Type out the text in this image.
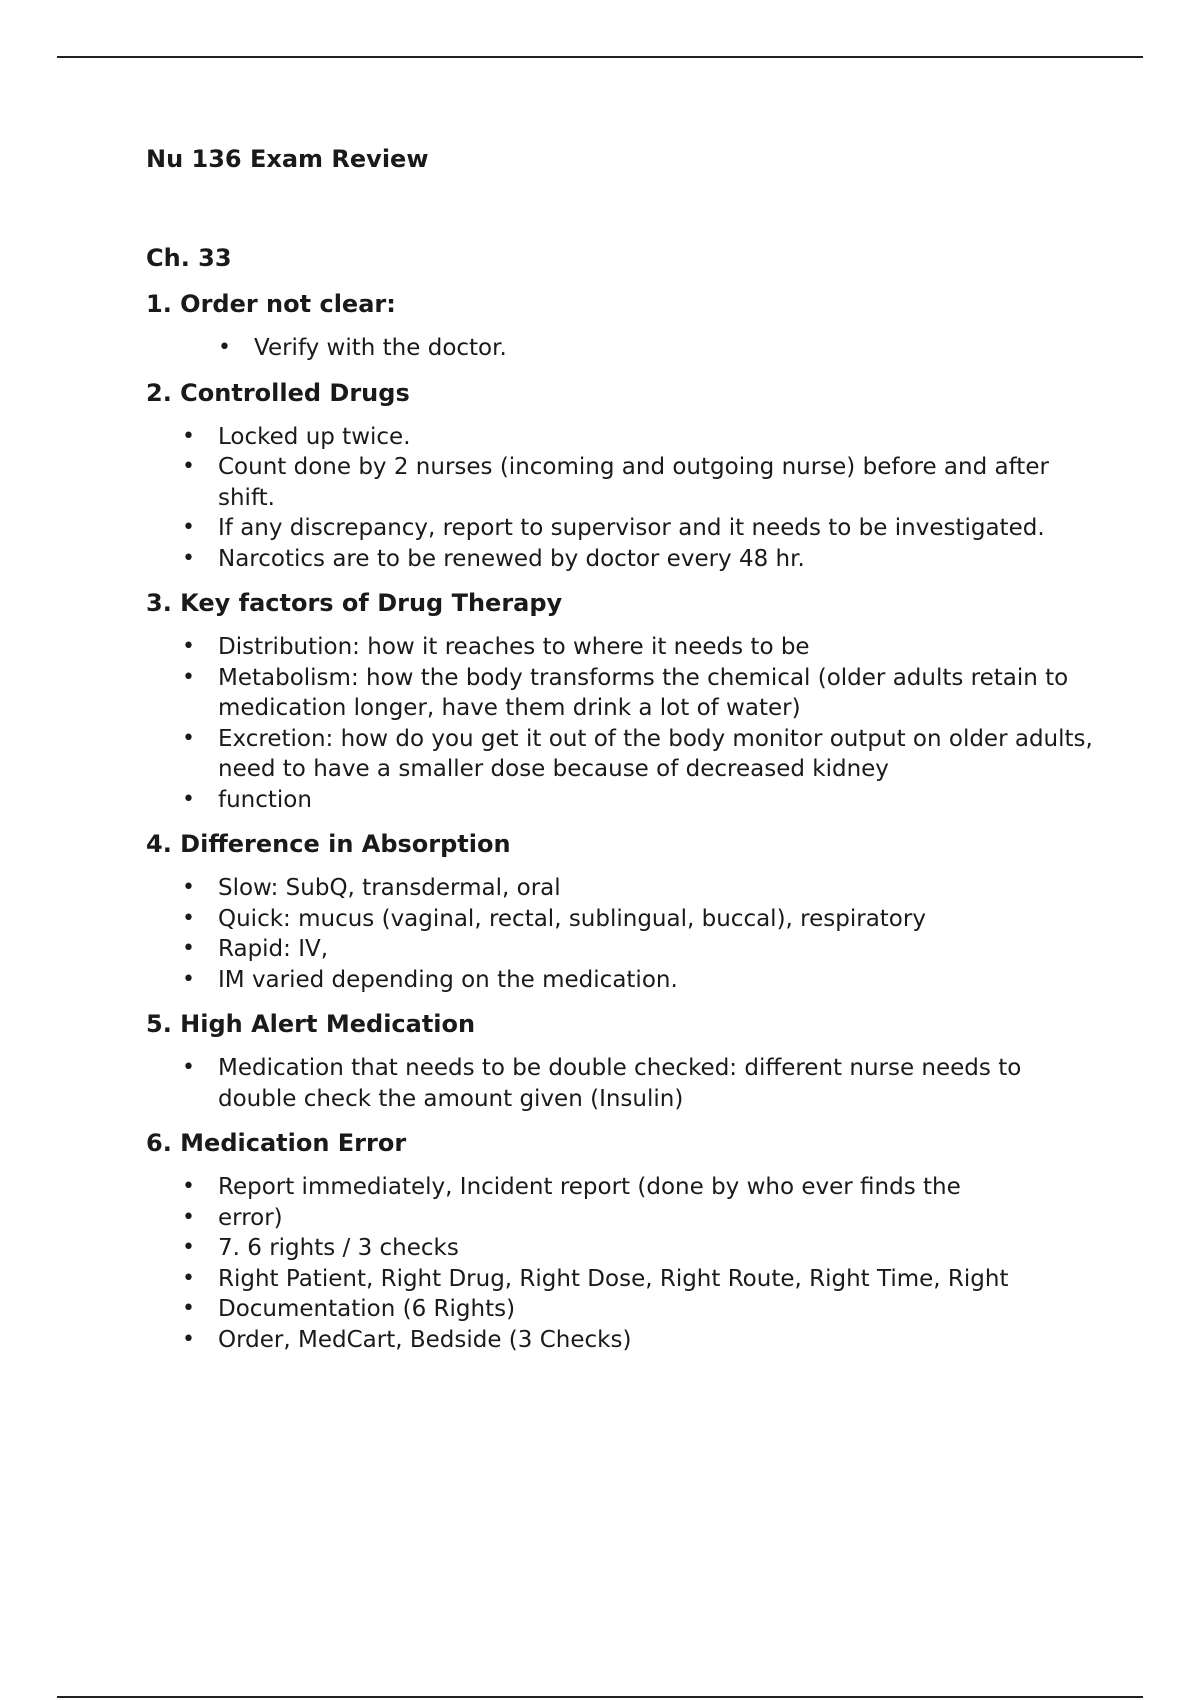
Nu 136 Exam Review
Ch. 33
1. Order not clear:
• Verify with the doctor.
2. Controlled Drugs
• Locked up twice.
• Count done by 2 nurses (incoming and outgoing nurse) before and after shift.
• If any discrepancy, report to supervisor and it needs to be investigated.
• Narcotics are to be renewed by doctor every 48 hr.
3. Key factors of Drug Therapy
• Distribution: how it reaches to where it needs to be
• Metabolism: how the body transforms the chemical (older adults retain to medication longer, have them drink a lot of water)
• Excretion: how do you get it out of the body monitor output on older adults, need to have a smaller dose because of decreased kidney
• function
4. Difference in Absorption
• Slow: SubQ, transdermal, oral
• Quick: mucus (vaginal, rectal, sublingual, buccal), respiratory
• Rapid: IV,
• IM varied depending on the medication.
5. High Alert Medication
• Medication that needs to be double checked: different nurse needs to double check the amount given (Insulin)
6. Medication Error
• Report immediately, Incident report (done by who ever finds the
• error)
• 7. 6 rights / 3 checks
• Right Patient, Right Drug, Right Dose, Right Route, Right Time, Right
• Documentation (6 Rights)
• Order, MedCart, Bedside (3 Checks)
